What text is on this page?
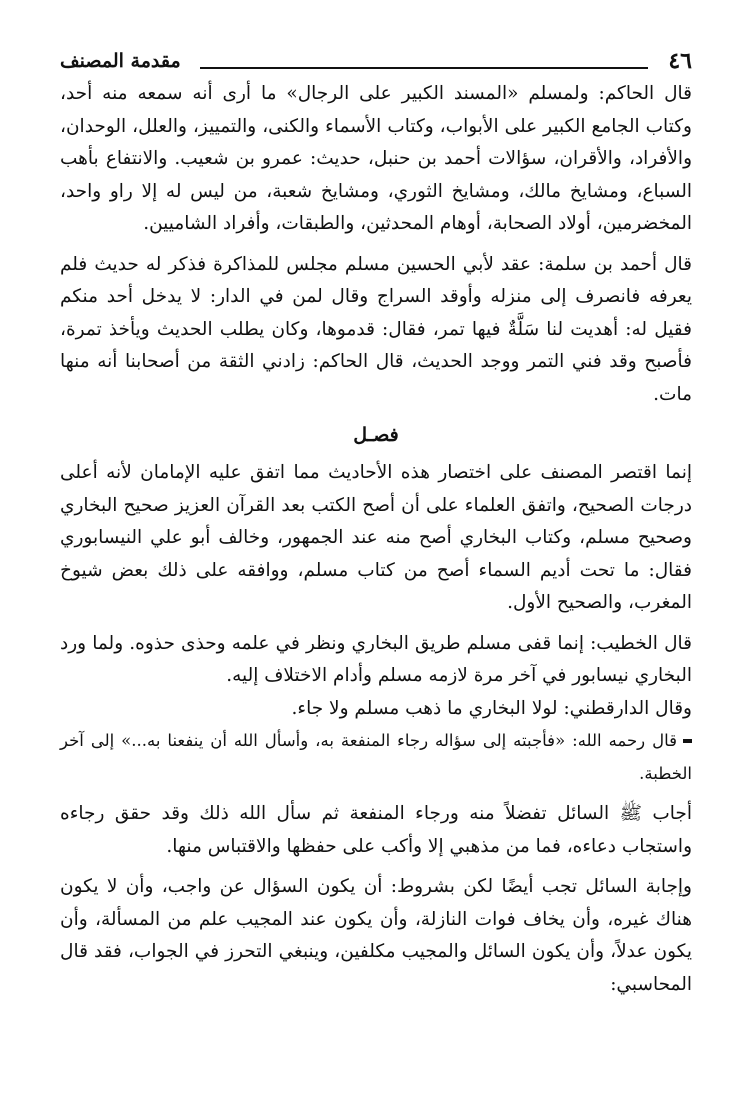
٤٦
مقدمة المصنف

قال الحاكم: ولمسلم «المسند الكبير على الرجال» ما أرى أنه سمعه منه أحد، وكتاب الجامع الكبير على الأبواب، وكتاب الأسماء والكنى، والتمييز، والعلل، الوحدان، والأفراد، والأقران، سؤالات أحمد بن حنبل، حديث: عمرو بن شعيب. والانتفاع بأهب السباع، ومشايخ مالك، ومشايخ الثوري، ومشايخ شعبة، من ليس له إلا راو واحد، المخضرمين، أولاد الصحابة، أوهام المحدثين، والطبقات، وأفراد الشاميين.

قال أحمد بن سلمة: عقد لأبي الحسين مسلم مجلس للمذاكرة فذكر له حديث فلم يعرفه فانصرف إلى منزله وأوقد السراج وقال لمن في الدار: لا يدخل أحد منكم فقيل له: أهديت لنا سَلَّةٌ فيها تمر، فقال: قدموها، وكان يطلب الحديث ويأخذ تمرة، فأصبح وقد فني التمر ووجد الحديث، قال الحاكم: زادني الثقة من أصحابنا أنه منها مات.

فصـل

إنما اقتصر المصنف على اختصار هذه الأحاديث مما اتفق عليه الإمامان لأنه أعلى درجات الصحيح، واتفق العلماء على أن أصح الكتب بعد القرآن العزيز صحيح البخاري وصحيح مسلم، وكتاب البخاري أصح منه عند الجمهور، وخالف أبو علي النيسابوري فقال: ما تحت أديم السماء أصح من كتاب مسلم، ووافقه على ذلك بعض شيوخ المغرب، والصحيح الأول.

قال الخطيب: إنما قفى مسلم طريق البخاري ونظر في علمه وحذى حذوه. ولما ورد البخاري نيسابور في آخر مرة لازمه مسلم وأدام الاختلاف إليه.

وقال الدارقطني: لولا البخاري ما ذهب مسلم ولا جاء.

قال رحمه الله: «فأجبته إلى سؤاله رجاء المنفعة به، وأسأل الله أن ينفعنا به...» إلى آخر الخطبة.

أجاب ﷺ السائل تفضلاً منه ورجاء المنفعة ثم سأل الله ذلك وقد حقق رجاءه واستجاب دعاءه، فما من مذهبي إلا وأكب على حفظها والاقتباس منها.

وإجابة السائل تجب أيضًا لكن بشروط: أن يكون السؤال عن واجب، وأن لا يكون هناك غيره، وأن يخاف فوات النازلة، وأن يكون عند المجيب علم من المسألة، وأن يكون عدلاً، وأن يكون السائل والمجيب مكلفين، وينبغي التحرز في الجواب، فقد قال المحاسبي:
